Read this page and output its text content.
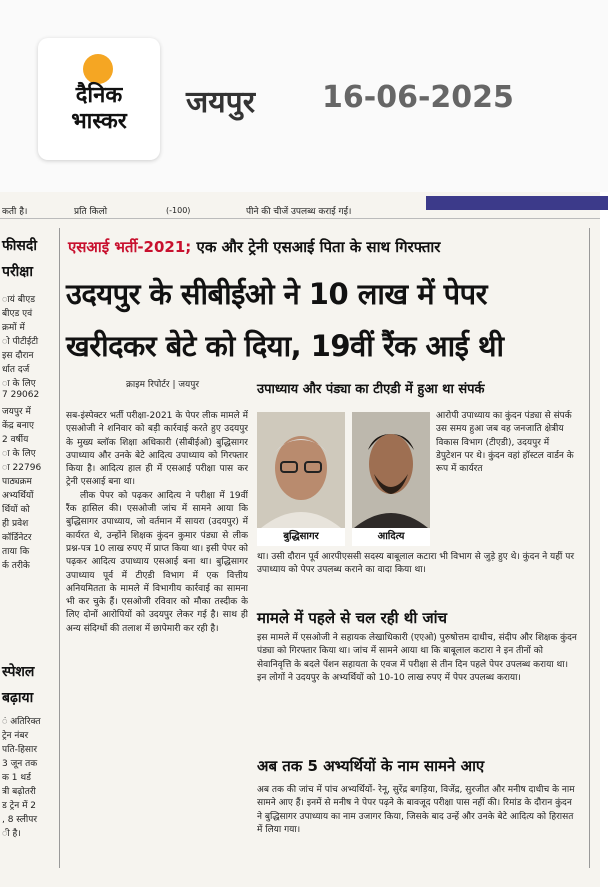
दैनिक
भास्कर
जयपुर 16-06-2025
कती है।	प्रति किलो	(-100)	पीने की चीजें उपलब्ध कराई गई।
फीसदी
परीक्षा
ायं बीएड
बीएड एवं
क्रमों में
ो पीटीईटी
इस दौरान
र्धात दर्ज
ा के लिए
7 29062
जयपुर में
केंद्र बनाए
2 वर्षीय
ा के लिए
ा 22796
पाठ्यक्रम
अभ्यर्थियों
र्थियों को
ही प्रवेश
कॉर्डिनेटर
ताया कि
र्क तरीके
स्पेशल
बढ़ाया
ं अतिरिक्त
ट्रेन नंबर
पति-हिसार
3 जून तक
क 1 थर्ड
त्री बढ़ोतरी
ड ट्रेन में 2
, 8 स्लीपर
ी है।
एसआई भर्ती-2021; एक और ट्रेनी एसआई पिता के साथ गिरफ्तार
उदयपुर के सीबीईओ ने 10 लाख में पेपर
खरीदकर बेटे को दिया, 19वीं रैंक आई थी
क्राइम रिपोर्टर | जयपुर	उपाध्याय और पंड्या का टीएडी में हुआ था संपर्क

सब-इंस्पेक्टर भर्ती परीक्षा-2021 के पेपर लीक मामले में एसओजी ने शनिवार को बड़ी कार्रवाई करते हुए उदयपुर के मुख्य ब्लॉक शिक्षा अधिकारी (सीबीईओ) बुद्धिसागर उपाध्याय और उनके बेटे आदित्य उपाध्याय को गिरफ्तार किया है। आदित्य हाल ही में एसआई परीक्षा पास कर ट्रेनी एसआई बना था।

लीक पेपर को पढ़कर आदित्य ने परीक्षा में 19वीं रैंक हासिल की। एसओजी जांच में सामने आया कि बुद्धिसागर उपाध्याय, जो वर्तमान में सायरा (उदयपुर) में कार्यरत थे, उन्होंने शिक्षक कुंदन कुमार पंड्या से लीक प्रश्न-पत्र 10 लाख रुपए में प्राप्त किया था। इसी पेपर को पढ़कर आदित्य उपाध्याय एसआई बना था। बुद्धिसागर उपाध्याय पूर्व में टीएडी विभाग में एक वित्तीय अनियमितता के मामले में विभागीय कार्रवाई का सामना भी कर चुके हैं। एसओजी रविवार को मौका तस्दीक के लिए दोनों आरोपियों को उदयपुर लेकर गई है। साथ ही अन्य संदिग्धों की तलाश में छापेमारी कर रही है।

बुद्धिसागर	आदित्य

आरोपी उपाध्याय का कुंदन पंड्या से संपर्क उस समय हुआ जब वह जनजाति क्षेत्रीय विकास विभाग (टीएडी), उदयपुर में डेपुटेशन पर थे। कुंदन वहां हॉस्टल वार्डन के रूप में कार्यरत

था। उसी दौरान पूर्व आरपीएससी सदस्य बाबूलाल कटारा भी विभाग से जुड़े हुए थे। कुंदन ने यहीं पर उपाध्याय को पेपर उपलब्ध कराने का वादा किया था।

मामले में पहले से चल रही थी जांच

इस मामले में एसओजी ने सहायक लेखाधिकारी (एएओ) पुरुषोत्तम दाधीच, संदीप और शिक्षक कुंदन पंड्या को गिरफ्तार किया था। जांच में सामने आया था कि बाबूलाल कटारा ने इन तीनों को सेवानिवृत्ति के बदले पेंशन सहायता के एवज में परीक्षा से तीन दिन पहले पेपर उपलब्ध कराया था। इन लोगों ने उदयपुर के अभ्यर्थियों को 10-10 लाख रुपए में पेपर उपलब्ध कराया।

अब तक 5 अभ्यर्थियों के नाम सामने आए

अब तक की जांच में पांच अभ्यर्थियों- रेनू, सुरेंद्र बगड़िया, विजेंद्र, सुरजीत और मनीष दाधीच के नाम सामने आए हैं। इनमें से मनीष ने पेपर पढ़ने के बावजूद परीक्षा पास नहीं की। रिमांड के दौरान कुंदन ने बुद्धिसागर उपाध्याय का नाम उजागर किया, जिसके बाद उन्हें और उनके बेटे आदित्य को हिरासत में लिया गया।
